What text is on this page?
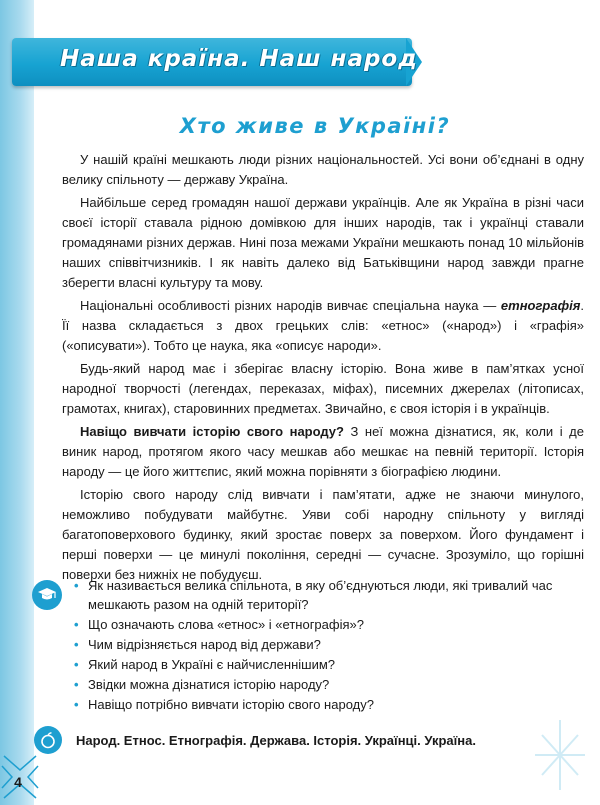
Наша країна. Наш народ
Хто живе в Україні?

У нашій країні мешкають люди різних національностей. Усі вони об’єднані в одну велику спільноту — державу Україна.

Найбільше серед громадян нашої держави українців. Але як Україна в різні часи своєї історії ставала рідною домівкою для інших народів, так і українці ставали громадянами різних держав. Нині поза межами України мешкають понад 10 мільйонів наших співвітчизників. І як навіть далеко від Батьківщини народ завжди прагне зберегти власні культуру та мову.

Національні особливості різних народів вивчає спеціальна наука — етнографія. Її назва складається з двох грецьких слів: «етнос» («народ») і «графія» («описувати»). Тобто це наука, яка «описує народи».

Будь-який народ має і зберігає власну історію. Вона живе в пам’ятках усної народної творчості (легендах, переказах, міфах), писемних джерелах (літописах, грамотах, книгах), старовинних предметах. Звичайно, є своя історія і в українців.

Навіщо вивчати історію свого народу? З неї можна дізнатися, як, коли і де виник народ, протягом якого часу мешкав або мешкає на певній території. Історія народу — це його життєпис, який можна порівняти з біографією людини.

Історію свого народу слід вивчати і пам’ятати, адже не знаючи минулого, неможливо побудувати майбутнє. Уяви собі народну спільноту у вигляді багатоповерхового будинку, який зростає поверх за поверхом. Його фундамент і перші поверхи — це минулі покоління, середні — сучасне. Зрозуміло, що горішні поверхи без нижніх не побудуєш.

• Як називається велика спільнота, в яку об’єднуються люди, які тривалий час мешкають разом на одній території?
• Що означають слова «етнос» і «етнографія»?
• Чим відрізняється народ від держави?
• Який народ в Україні є найчисленнішим?
• Звідки можна дізнатися історію народу?
• Навіщо потрібно вивчати історію свого народу?
Народ. Етнос. Етнографія. Держава. Історія. Українці. Україна.
4
